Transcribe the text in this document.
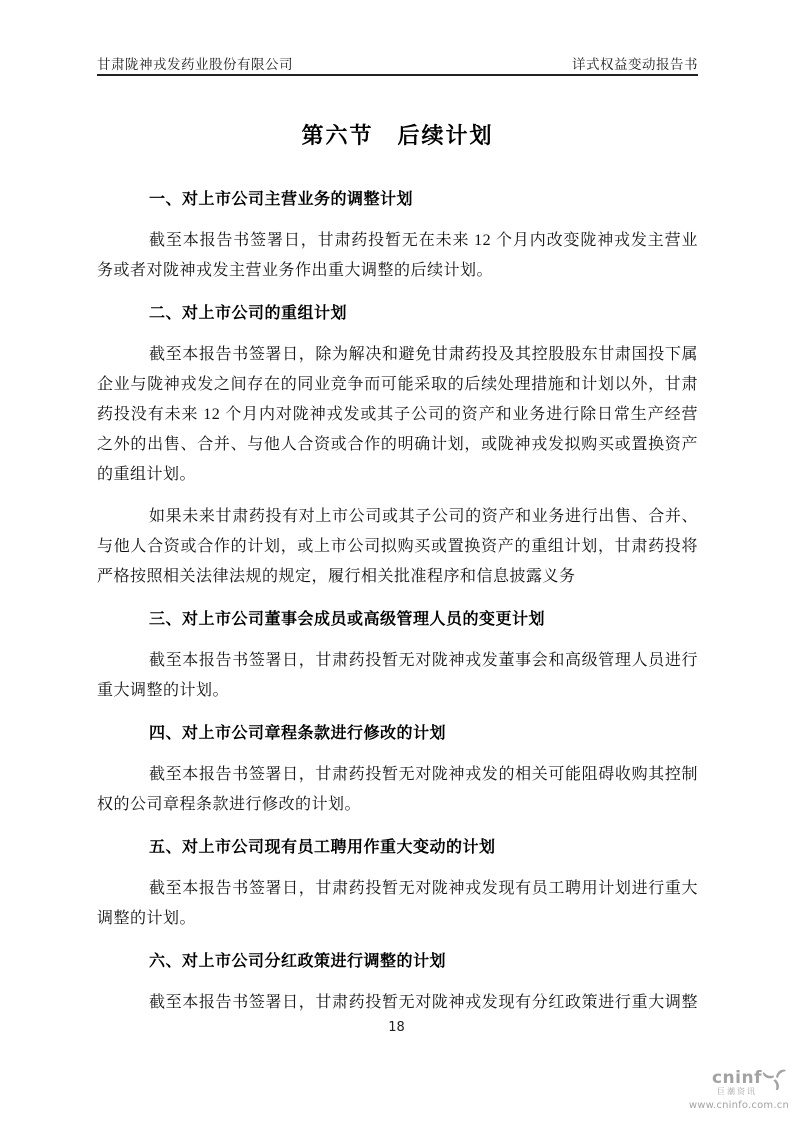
甘肃陇神戎发药业股份有限公司	详式权益变动报告书
第六节　后续计划
一、对上市公司主营业务的调整计划

截至本报告书签署日，甘肃药投暂无在未来 12 个月内改变陇神戎发主营业务或者对陇神戎发主营业务作出重大调整的后续计划。

二、对上市公司的重组计划

截至本报告书签署日，除为解决和避免甘肃药投及其控股股东甘肃国投下属企业与陇神戎发之间存在的同业竞争而可能采取的后续处理措施和计划以外，甘肃药投没有未来 12 个月内对陇神戎发或其子公司的资产和业务进行除日常生产经营之外的出售、合并、与他人合资或合作的明确计划，或陇神戎发拟购买或置换资产的重组计划。

如果未来甘肃药投有对上市公司或其子公司的资产和业务进行出售、合并、与他人合资或合作的计划，或上市公司拟购买或置换资产的重组计划，甘肃药投将严格按照相关法律法规的规定，履行相关批准程序和信息披露义务

三、对上市公司董事会成员或高级管理人员的变更计划

截至本报告书签署日，甘肃药投暂无对陇神戎发董事会和高级管理人员进行重大调整的计划。

四、对上市公司章程条款进行修改的计划

截至本报告书签署日，甘肃药投暂无对陇神戎发的相关可能阻碍收购其控制权的公司章程条款进行修改的计划。

五、对上市公司现有员工聘用作重大变动的计划

截至本报告书签署日，甘肃药投暂无对陇神戎发现有员工聘用计划进行重大调整的计划。

六、对上市公司分红政策进行调整的计划

截至本报告书签署日，甘肃药投暂无对陇神戎发现有分红政策进行重大调整

18
cninf
巨潮资讯
www.cninfo.com.cn
